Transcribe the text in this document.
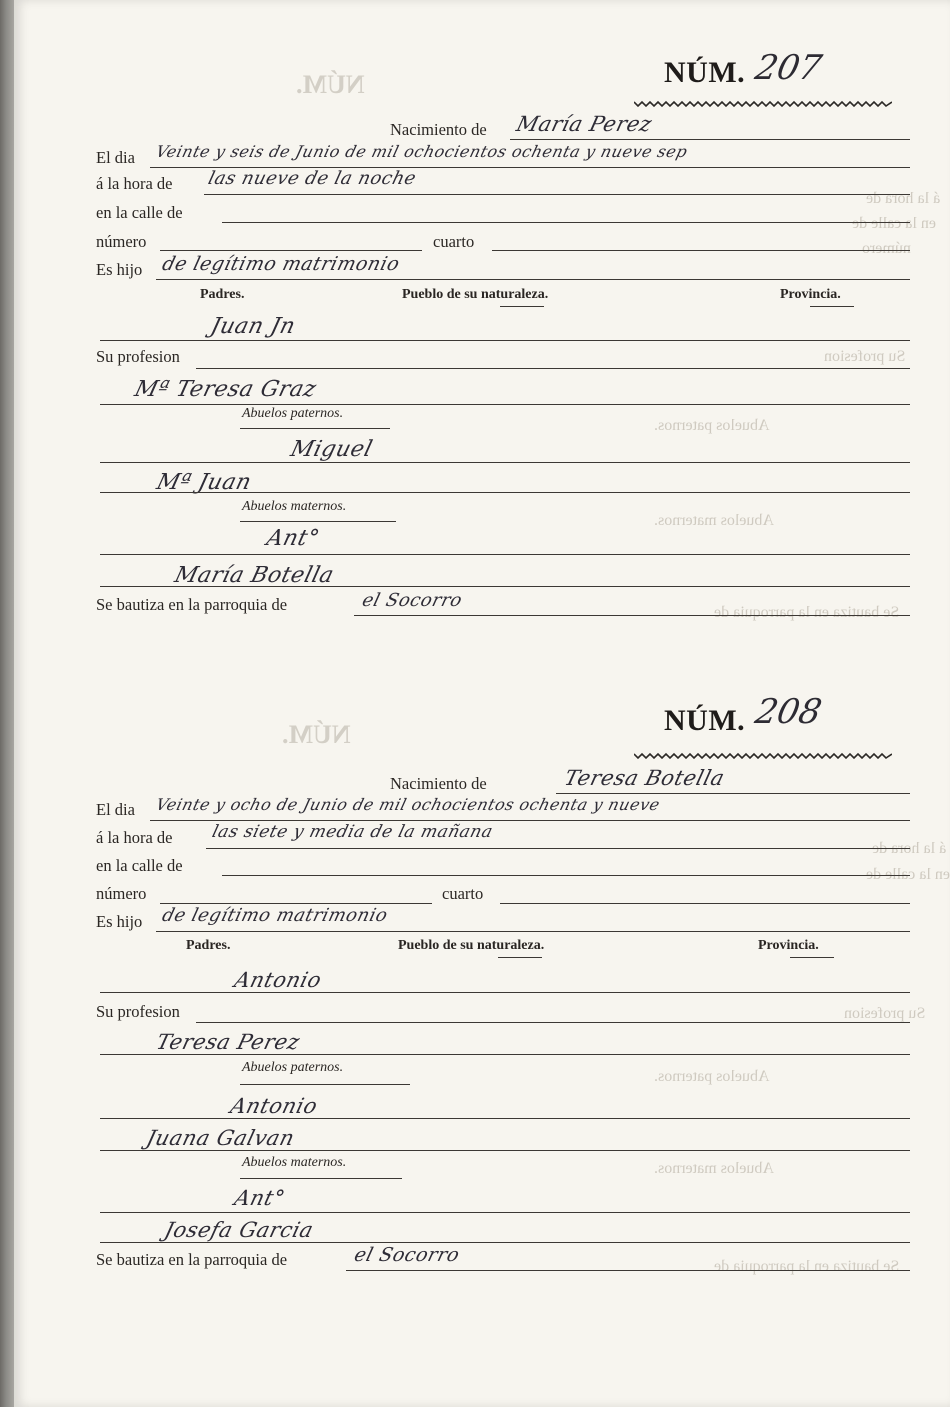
NÚM.
á la hora de
en la calle de
número
Su profesion
Abuelos paternos.
Abuelos maternos.
Se bautiza en la parroquia de
NÚM.
á la hora de
en la calle de
Su profesion
Abuelos paternos.
Abuelos maternos.
Se bautiza en la parroquia de
NÚM. 207
Nacimiento de María Perez
El dia Veinte y seis de Junio de mil ochocientos ochenta y nueve sep
á la hora de las nueve de la noche
en la calle de
número	cuarto
Es hijo de legítimo matrimonio
Padres.	Pueblo de su naturaleza.	Provincia.
Juan Jn
Su profesion
Mª Teresa Graz
Abuelos paternos.
Miguel
Mª Juan
Abuelos maternos.
Ant°
María Botella
Se bautiza en la parroquia de	el Socorro
NÚM. 208
Nacimiento de	Teresa Botella
El dia Veinte y ocho de Junio de mil ochocientos ochenta y nueve
á la hora de las siete y media de la mañana
en la calle de
número	cuarto
Es hijo de legítimo matrimonio
Padres.	Pueblo de su naturaleza.	Provincia.
Antonio
Su profesion
Teresa Perez
Abuelos paternos.
Antonio
Juana Galvan
Abuelos maternos.
Ant°
Josefa Garcia
Se bautiza en la parroquia de	el Socorro
